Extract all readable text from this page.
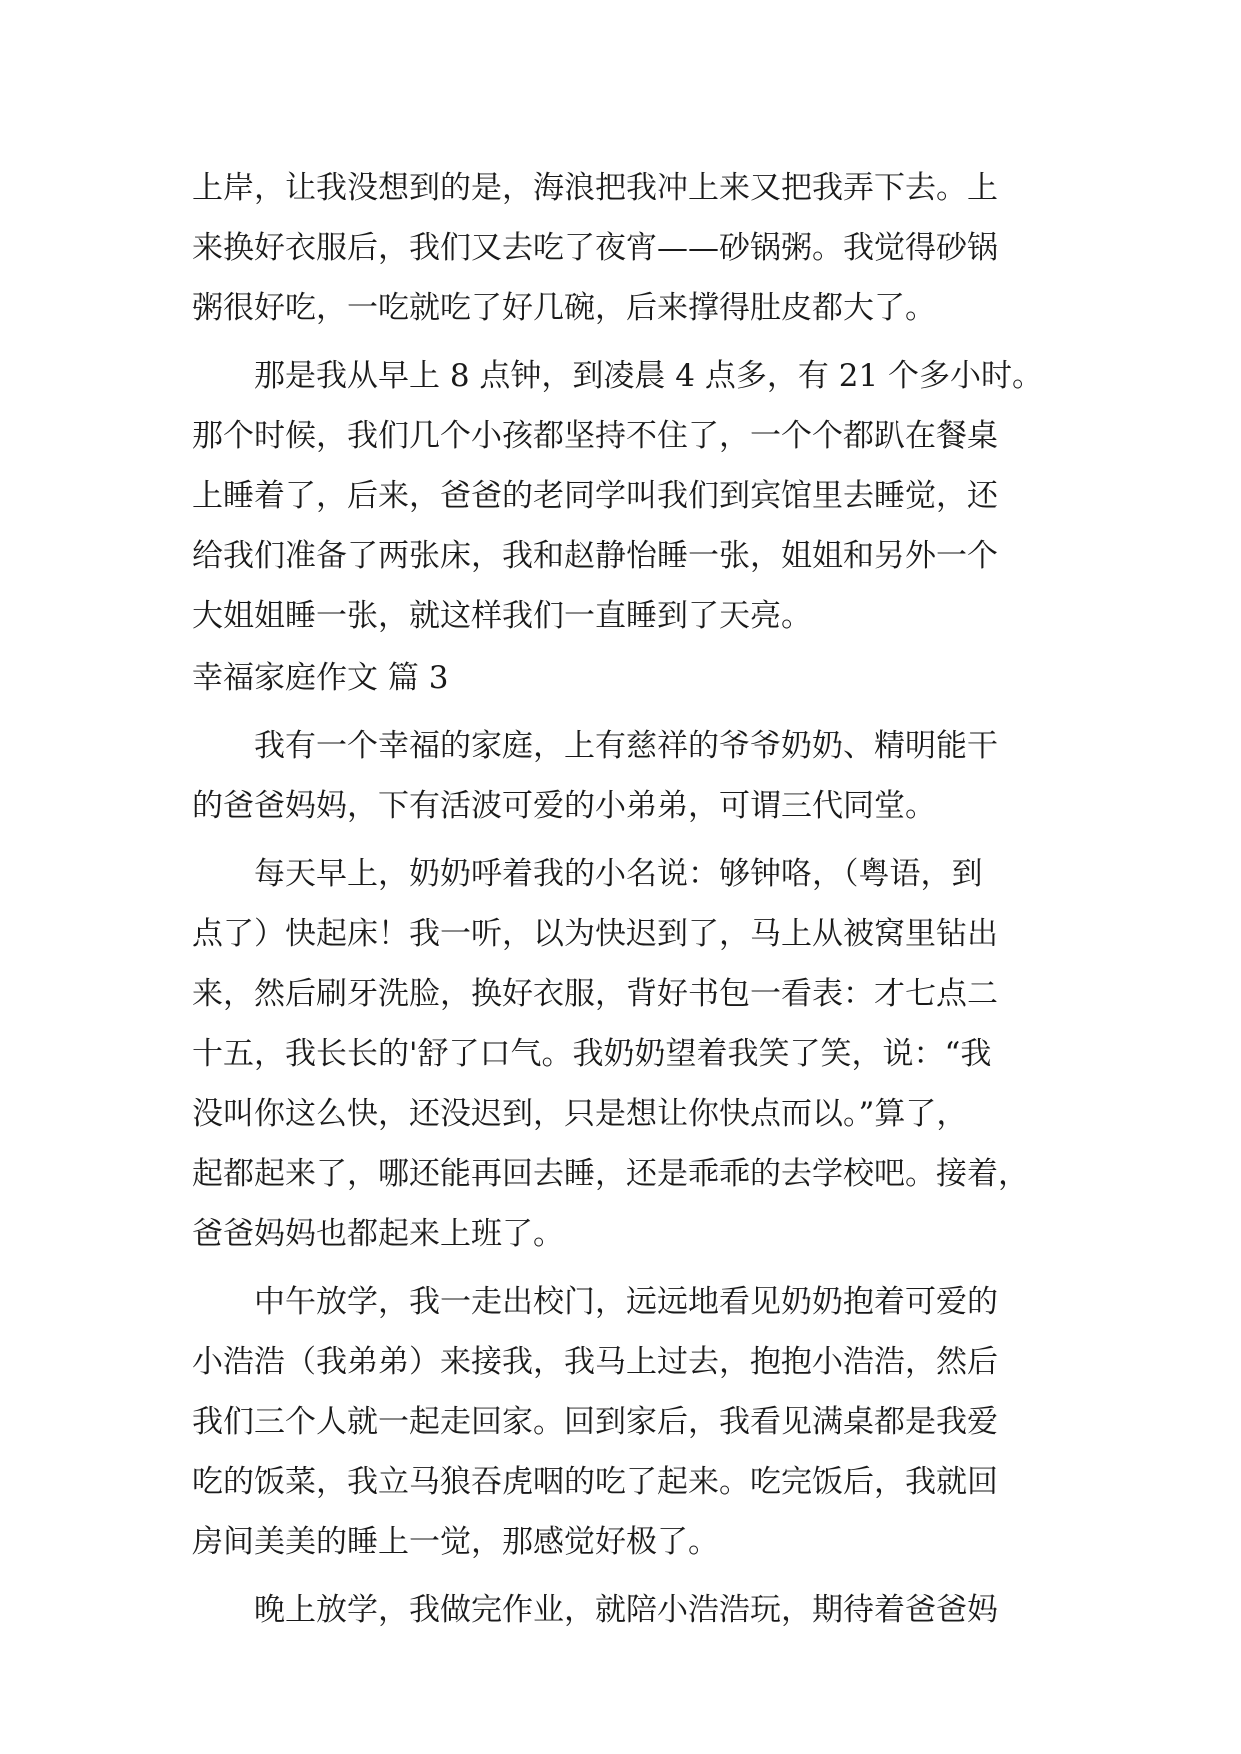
上岸，让我没想到的是，海浪把我冲上来又把我弄下去。上
来换好衣服后，我们又去吃了夜宵——砂锅粥。我觉得砂锅
粥很好吃，一吃就吃了好几碗，后来撑得肚皮都大了。
那是我从早上 8 点钟，到凌晨 4 点多，有 21 个多小时。
那个时候，我们几个小孩都坚持不住了，一个个都趴在餐桌
上睡着了，后来，爸爸的老同学叫我们到宾馆里去睡觉，还
给我们准备了两张床，我和赵静怡睡一张，姐姐和另外一个
大姐姐睡一张，就这样我们一直睡到了天亮。
幸福家庭作文 篇 3
我有一个幸福的家庭，上有慈祥的爷爷奶奶、精明能干
的爸爸妈妈，下有活波可爱的小弟弟，可谓三代同堂。
每天早上，奶奶呼着我的小名说：够钟咯，（粤语，到
点了）快起床！我一听，以为快迟到了，马上从被窝里钻出
来，然后刷牙洗脸，换好衣服，背好书包一看表：才七点二
十五，我长长的'舒了口气。我奶奶望着我笑了笑，说：“我
没叫你这么快，还没迟到，只是想让你快点而以。”算了，
起都起来了，哪还能再回去睡，还是乖乖的去学校吧。接着，
爸爸妈妈也都起来上班了。
中午放学，我一走出校门，远远地看见奶奶抱着可爱的
小浩浩（我弟弟）来接我，我马上过去，抱抱小浩浩，然后
我们三个人就一起走回家。回到家后，我看见满桌都是我爱
吃的饭菜，我立马狼吞虎咽的吃了起来。吃完饭后，我就回
房间美美的睡上一觉，那感觉好极了。
晚上放学，我做完作业，就陪小浩浩玩，期待着爸爸妈
